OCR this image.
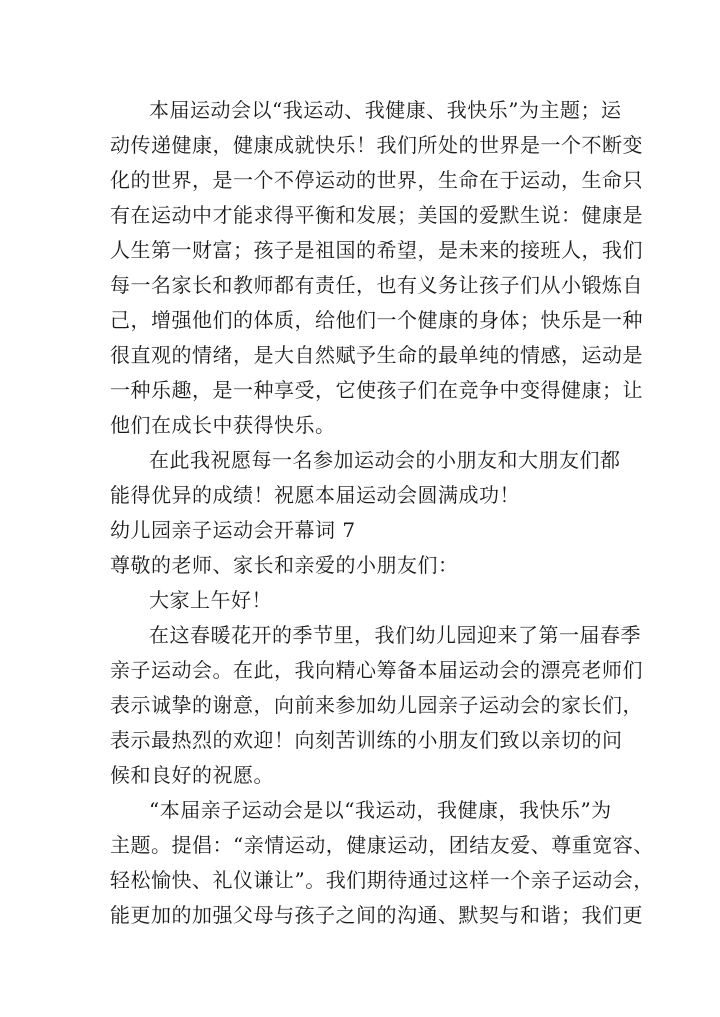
本届运动会以“我运动、我健康、我快乐”为主题；运
动传递健康，健康成就快乐！我们所处的世界是一个不断变
化的世界，是一个不停运动的世界，生命在于运动，生命只
有在运动中才能求得平衡和发展；美国的爱默生说：健康是
人生第一财富；孩子是祖国的希望，是未来的接班人，我们
每一名家长和教师都有责任，也有义务让孩子们从小锻炼自
己，增强他们的体质，给他们一个健康的身体；快乐是一种
很直观的情绪，是大自然赋予生命的最单纯的情感，运动是
一种乐趣，是一种享受，它使孩子们在竞争中变得健康；让
他们在成长中获得快乐。
在此我祝愿每一名参加运动会的小朋友和大朋友们都
能得优异的成绩！祝愿本届运动会圆满成功！
幼儿园亲子运动会开幕词 7
尊敬的老师、家长和亲爱的小朋友们：
大家上午好！
在这春暖花开的季节里，我们幼儿园迎来了第一届春季
亲子运动会。在此，我向精心筹备本届运动会的漂亮老师们
表示诚挚的谢意，向前来参加幼儿园亲子运动会的家长们，
表示最热烈的欢迎！向刻苦训练的小朋友们致以亲切的问
候和良好的祝愿。
“本届亲子运动会是以“我运动，我健康，我快乐”为
主题。提倡：“亲情运动，健康运动，团结友爱、尊重宽容、
轻松愉快、礼仪谦让”。我们期待通过这样一个亲子运动会，
能更加的加强父母与孩子之间的沟通、默契与和谐；我们更
